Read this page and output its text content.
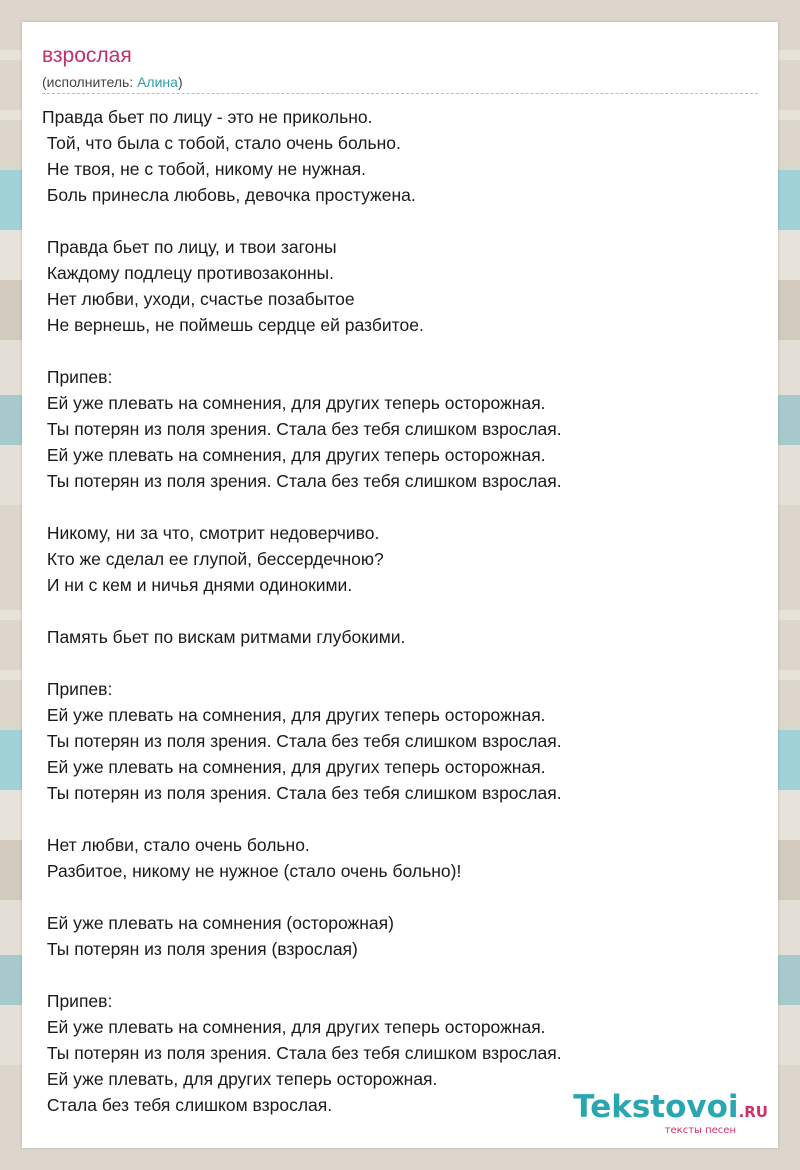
взрослая
(исполнитель: Алина)
Правда бьет по лицу - это не прикольно.
Той, что была с тобой, стало очень больно.
Не твоя, не с тобой, никому не нужная.
Боль принесла любовь, девочка простужена.
Правда бьет по лицу, и твои загоны
Каждому подлецу противозаконны.
Нет любви, уходи, счастье позабытое
Не вернешь, не поймешь сердце ей разбитое.
Припев:
Ей уже плевать на сомнения, для других теперь осторожная.
Ты потерян из поля зрения. Стала без тебя слишком взрослая.
Ей уже плевать на сомнения, для других теперь осторожная.
Ты потерян из поля зрения. Стала без тебя слишком взрослая.
Никому, ни за что, смотрит недоверчиво.
Кто же сделал ее глупой, бессердечною?
И ни с кем и ничья днями одинокими.
Память бьет по вискам ритмами глубокими.
Припев:
Ей уже плевать на сомнения, для других теперь осторожная.
Ты потерян из поля зрения. Стала без тебя слишком взрослая.
Ей уже плевать на сомнения, для других теперь осторожная.
Ты потерян из поля зрения. Стала без тебя слишком взрослая.
Нет любви, стало очень больно.
Разбитое, никому не нужное (стало очень больно)!
Ей уже плевать на сомнения (осторожная)
Ты потерян из поля зрения (взрослая)
Припев:
Ей уже плевать на сомнения, для других теперь осторожная.
Ты потерян из поля зрения. Стала без тебя слишком взрослая.
Ей уже плевать, для других теперь осторожная.
Стала без тебя слишком взрослая.	Tekstovoi.RU
тексты песен
